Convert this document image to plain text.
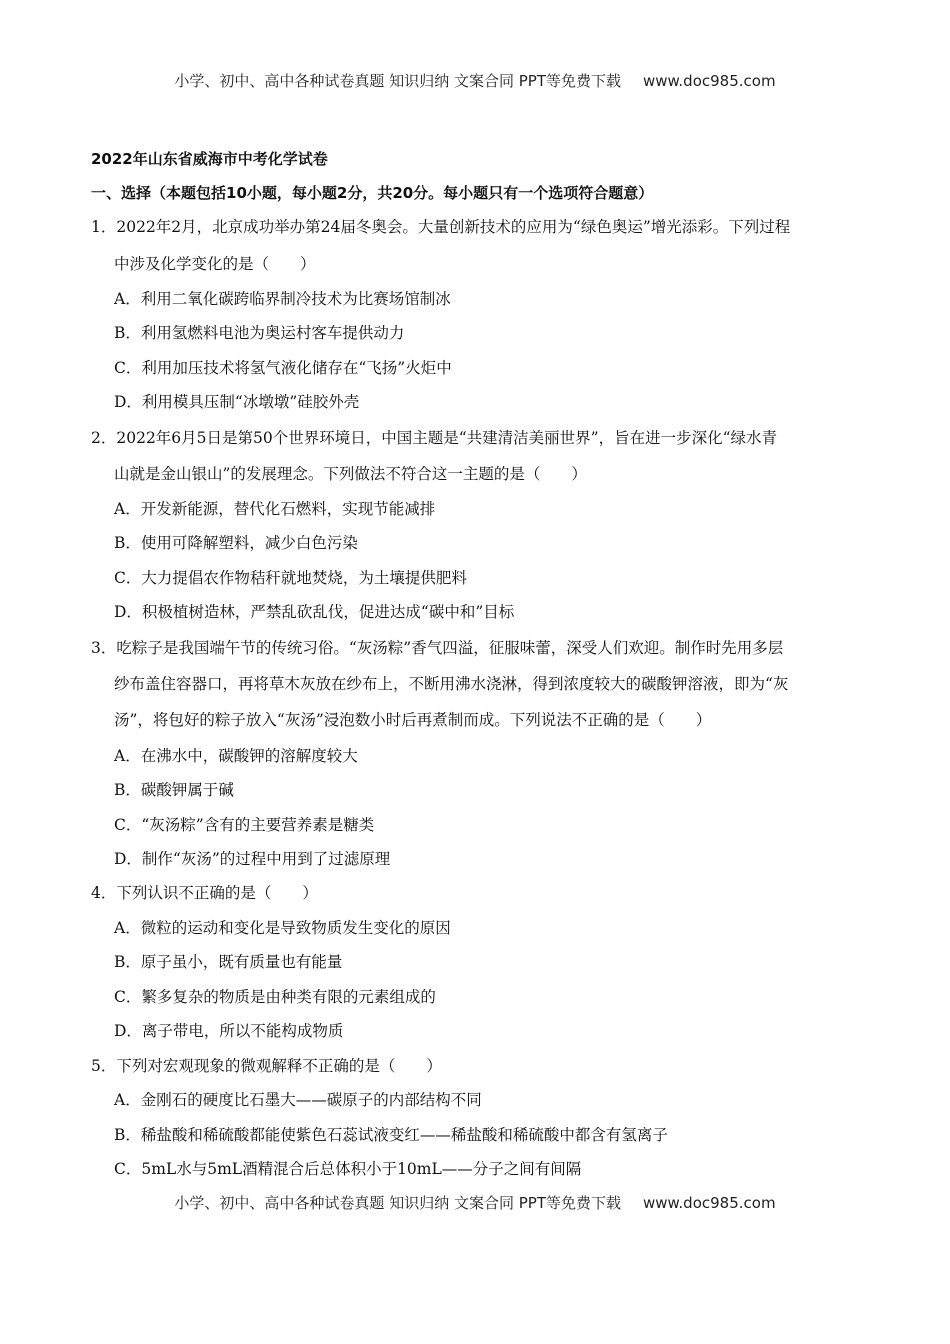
小学、初中、高中各种试卷真题 知识归纳 文案合同 PPT等免费下载 www.doc985.com
2022年山东省威海市中考化学试卷
一、选择（本题包括10小题，每小题2分，共20分。每小题只有一个选项符合题意）
1．2022年2月，北京成功举办第24届冬奥会。大量创新技术的应用为“绿色奥运”增光添彩。下列过程
中涉及化学变化的是（　　）
A．利用二氧化碳跨临界制冷技术为比赛场馆制冰
B．利用氢燃料电池为奥运村客车提供动力
C．利用加压技术将氢气液化储存在“飞扬”火炬中
D．利用模具压制“冰墩墩”硅胶外壳
2．2022年6月5日是第50个世界环境日，中国主题是“共建清洁美丽世界”，旨在进一步深化“绿水青
山就是金山银山”的发展理念。下列做法不符合这一主题的是（　　）
A．开发新能源，替代化石燃料，实现节能减排
B．使用可降解塑料，减少白色污染
C．大力提倡农作物秸秆就地焚烧，为土壤提供肥料
D．积极植树造林，严禁乱砍乱伐，促进达成“碳中和”目标
3．吃粽子是我国端午节的传统习俗。“灰汤粽”香气四溢，征服味蕾，深受人们欢迎。制作时先用多层
纱布盖住容器口，再将草木灰放在纱布上，不断用沸水浇淋，得到浓度较大的碳酸钾溶液，即为“灰
汤”，将包好的粽子放入“灰汤”浸泡数小时后再煮制而成。下列说法不正确的是（　　）
A．在沸水中，碳酸钾的溶解度较大
B．碳酸钾属于碱
C．“灰汤粽”含有的主要营养素是糖类
D．制作“灰汤”的过程中用到了过滤原理
4．下列认识不正确的是（　　）
A．微粒的运动和变化是导致物质发生变化的原因
B．原子虽小，既有质量也有能量
C．繁多复杂的物质是由种类有限的元素组成的
D．离子带电，所以不能构成物质
5．下列对宏观现象的微观解释不正确的是（　　）
A．金刚石的硬度比石墨大——碳原子的内部结构不同
B．稀盐酸和稀硫酸都能使紫色石蕊试液变红——稀盐酸和稀硫酸中都含有氢离子
C．5mL水与5mL酒精混合后总体积小于10mL——分子之间有间隔
小学、初中、高中各种试卷真题 知识归纳 文案合同 PPT等免费下载 www.doc985.com
